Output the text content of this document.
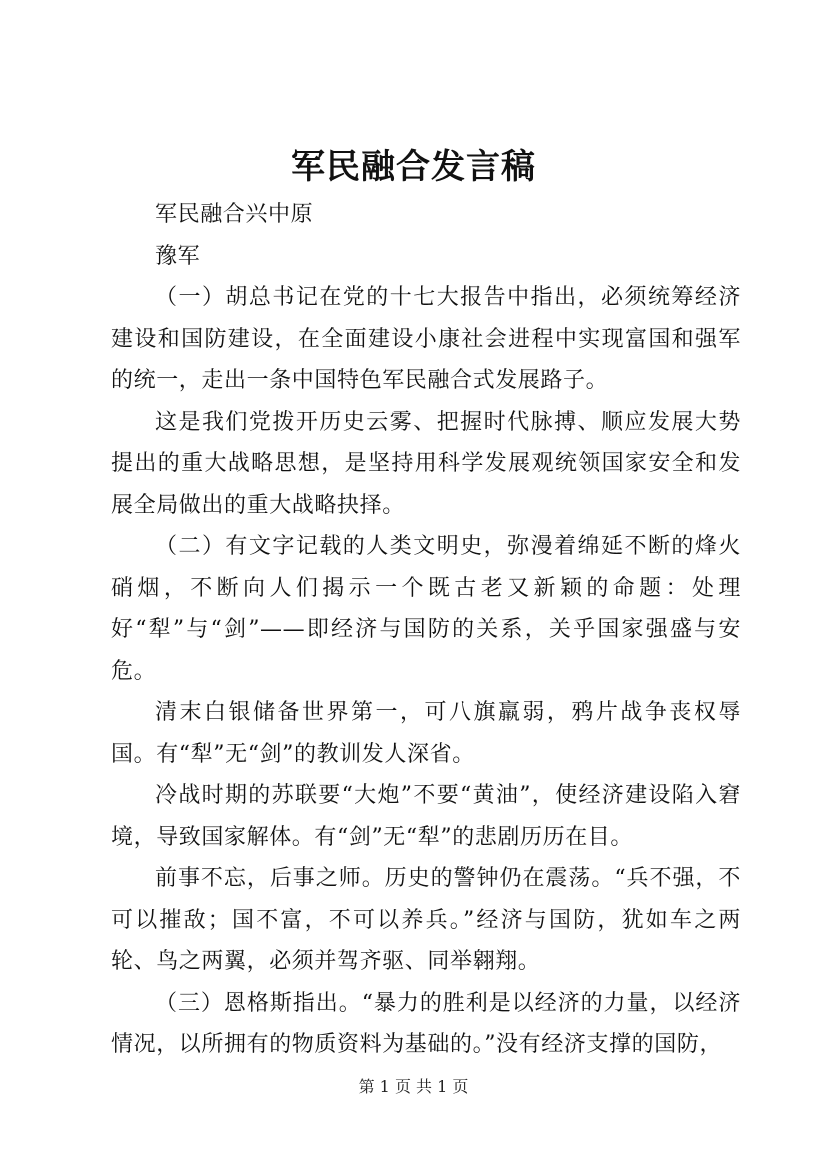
军民融合发言稿

军民融合兴中原

豫军

（一）胡总书记在党的十七大报告中指出，必须统筹经济建设和国防建设，在全面建设小康社会进程中实现富国和强军的统一，走出一条中国特色军民融合式发展路子。

这是我们党拨开历史云雾、把握时代脉搏、顺应发展大势提出的重大战略思想，是坚持用科学发展观统领国家安全和发展全局做出的重大战略抉择。

（二）有文字记载的人类文明史，弥漫着绵延不断的烽火硝烟，不断向人们揭示一个既古老又新颖的命题：处理好“犁”与“剑”——即经济与国防的关系，关乎国家强盛与安危。

清末白银储备世界第一，可八旗羸弱，鸦片战争丧权辱国。有“犁”无“剑”的教训发人深省。

冷战时期的苏联要“大炮”不要“黄油”，使经济建设陷入窘境，导致国家解体。有“剑”无“犁”的悲剧历历在目。

前事不忘，后事之师。历史的警钟仍在震荡。“兵不强，不可以摧敌；国不富，不可以养兵。”经济与国防，犹如车之两轮、鸟之两翼，必须并驾齐驱、同举翱翔。

（三）恩格斯指出。“暴力的胜利是以经济的力量，以经济情况，以所拥有的物质资料为基础的。”没有经济支撑的国防，

第 1 页 共 1 页
